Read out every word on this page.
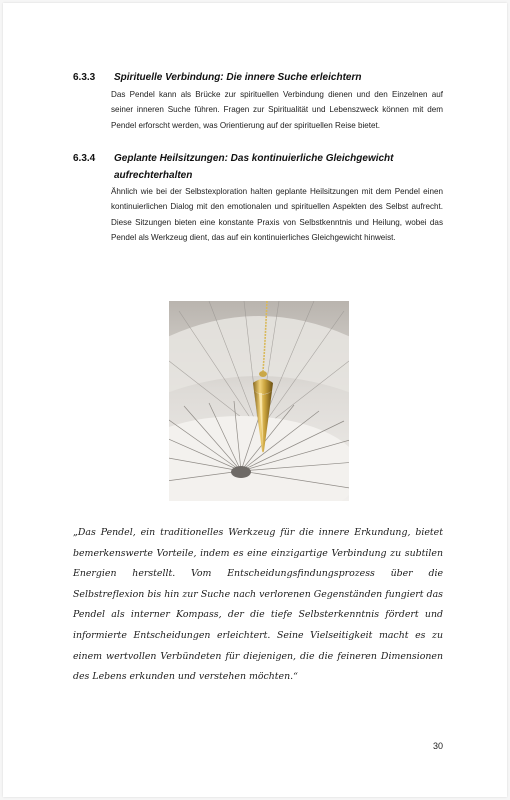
6.3.3 Spirituelle Verbindung: Die innere Suche erleichtern
Das Pendel kann als Brücke zur spirituellen Verbindung dienen und den Einzelnen auf seiner inneren Suche führen. Fragen zur Spiritualität und Lebenszweck können mit dem Pendel erforscht werden, was Orientierung auf der spirituellen Reise bietet.
6.3.4 Geplante Heilsitzungen: Das kontinuierliche Gleichgewicht aufrechterhalten
Ähnlich wie bei der Selbstexploration halten geplante Heilsitzungen mit dem Pendel einen kontinuierlichen Dialog mit den emotionalen und spirituellen Aspekten des Selbst aufrecht. Diese Sitzungen bieten eine konstante Praxis von Selbstkenntnis und Heilung, wobei das Pendel als Werkzeug dient, das auf ein kontinuierliches Gleichgewicht hinweist.
„Das Pendel, ein traditionelles Werkzeug für die innere Erkundung, bietet bemerkenswerte Vorteile, indem es eine einzigartige Verbindung zu subtilen Energien herstellt. Vom Entscheidungsfindungsprozess über die Selbstreflexion bis hin zur Suche nach verlorenen Gegenständen fungiert das Pendel als interner Kompass, der die tiefe Selbsterkenntnis fördert und informierte Entscheidungen erleichtert. Seine Vielseitigkeit macht es zu einem wertvollen Verbündeten für diejenigen, die die feineren Dimensionen des Lebens erkunden und verstehen möchten.“
30
